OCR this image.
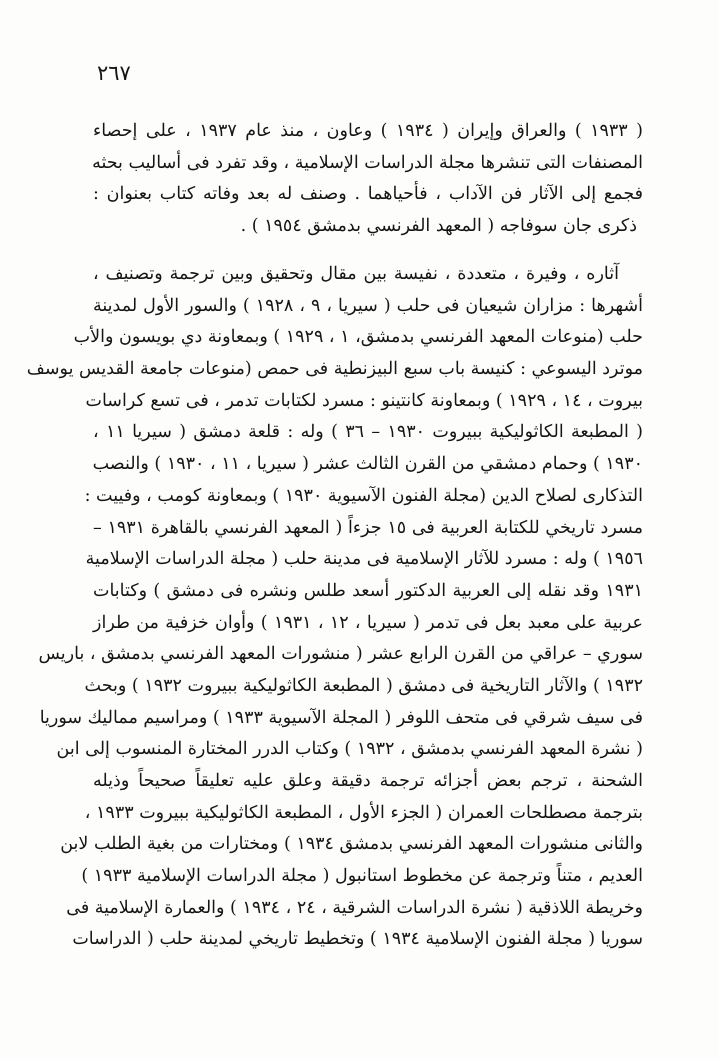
٢٦٧
( ١٩٣٣ ) والعراق وإيران ( ١٩٣٤ ) وعاون ، منذ عام ١٩٣٧ ، على إحصاء
المصنفات التى تنشرها مجلة الدراسات الإسلامية ، وقد تفرد فى أساليب بحثه
فجمع إلى الآثار فن الآداب ، فأحياهما . وصنف له بعد وفاته كتاب بعنوان :
ذكرى جان سوفاجه ( المعهد الفرنسي بدمشق ١٩٥٤ ) .
آثاره ، وفيرة ، متعددة ، نفيسة بين مقال وتحقيق وبين ترجمة وتصنيف ،
أشهرها : مزاران شيعيان فى حلب ( سيريا ، ٩ ، ١٩٢٨ ) والسور الأول لمدينة
حلب (منوعات المعهد الفرنسي بدمشق، ١ ، ١٩٢٩ ) وبمعاونة دي بويسون والأب
موترد اليسوعي : كنيسة باب سبع البيزنطية فى حمص (منوعات جامعة القديس يوسف
بيروت ، ١٤ ، ١٩٢٩ ) وبمعاونة كانتينو : مسرد لكتابات تدمر ، فى تسع كراسات
( المطبعة الكاثوليكية ببيروت ١٩٣٠ – ٣٦ ) وله : قلعة دمشق ( سيريا ١١ ،
١٩٣٠ ) وحمام دمشقي من القرن الثالث عشر ( سيريا ، ١١ ، ١٩٣٠ ) والنصب
التذكارى لصلاح الدين (مجلة الفنون الآسيوية ١٩٣٠ ) وبمعاونة كومب ، وفييت :
مسرد تاريخي للكتابة العربية فى ١٥ جزءاً ( المعهد الفرنسي بالقاهرة ١٩٣١ –
١٩٥٦ ) وله : مسرد للآثار الإسلامية فى مدينة حلب ( مجلة الدراسات الإسلامية
١٩٣١ وقد نقله إلى العربية الدكتور أسعد طلس ونشره فى دمشق ) وكتابات
عربية على معبد بعل فى تدمر ( سيريا ، ١٢ ، ١٩٣١ ) وأوان خزفية من طراز
سوري – عراقي من القرن الرابع عشر ( منشورات المعهد الفرنسي بدمشق ، باريس
١٩٣٢ ) والآثار التاريخية فى دمشق ( المطبعة الكاثوليكية ببيروت ١٩٣٢ ) وبحث
فى سيف شرقي فى متحف اللوفر ( المجلة الآسيوية ١٩٣٣ ) ومراسيم مماليك سوريا
( نشرة المعهد الفرنسي بدمشق ، ١٩٣٢ ) وكتاب الدرر المختارة المنسوب إلى ابن
الشحنة ، ترجم بعض أجزائه ترجمة دقيقة وعلق عليه تعليقاً صحيحاً وذيله
بترجمة مصطلحات العمران ( الجزء الأول ، المطبعة الكاثوليكية ببيروت ١٩٣٣ ،
والثانى منشورات المعهد الفرنسي بدمشق ١٩٣٤ ) ومختارات من بغية الطلب لابن
العديم ، متناً وترجمة عن مخطوط استانبول ( مجلة الدراسات الإسلامية ١٩٣٣ )
وخريطة اللاذقية ( نشرة الدراسات الشرقية ، ٢٤ ، ١٩٣٤ ) والعمارة الإسلامية فى
سوريا ( مجلة الفنون الإسلامية ١٩٣٤ ) وتخطيط تاريخي لمدينة حلب ( الدراسات
